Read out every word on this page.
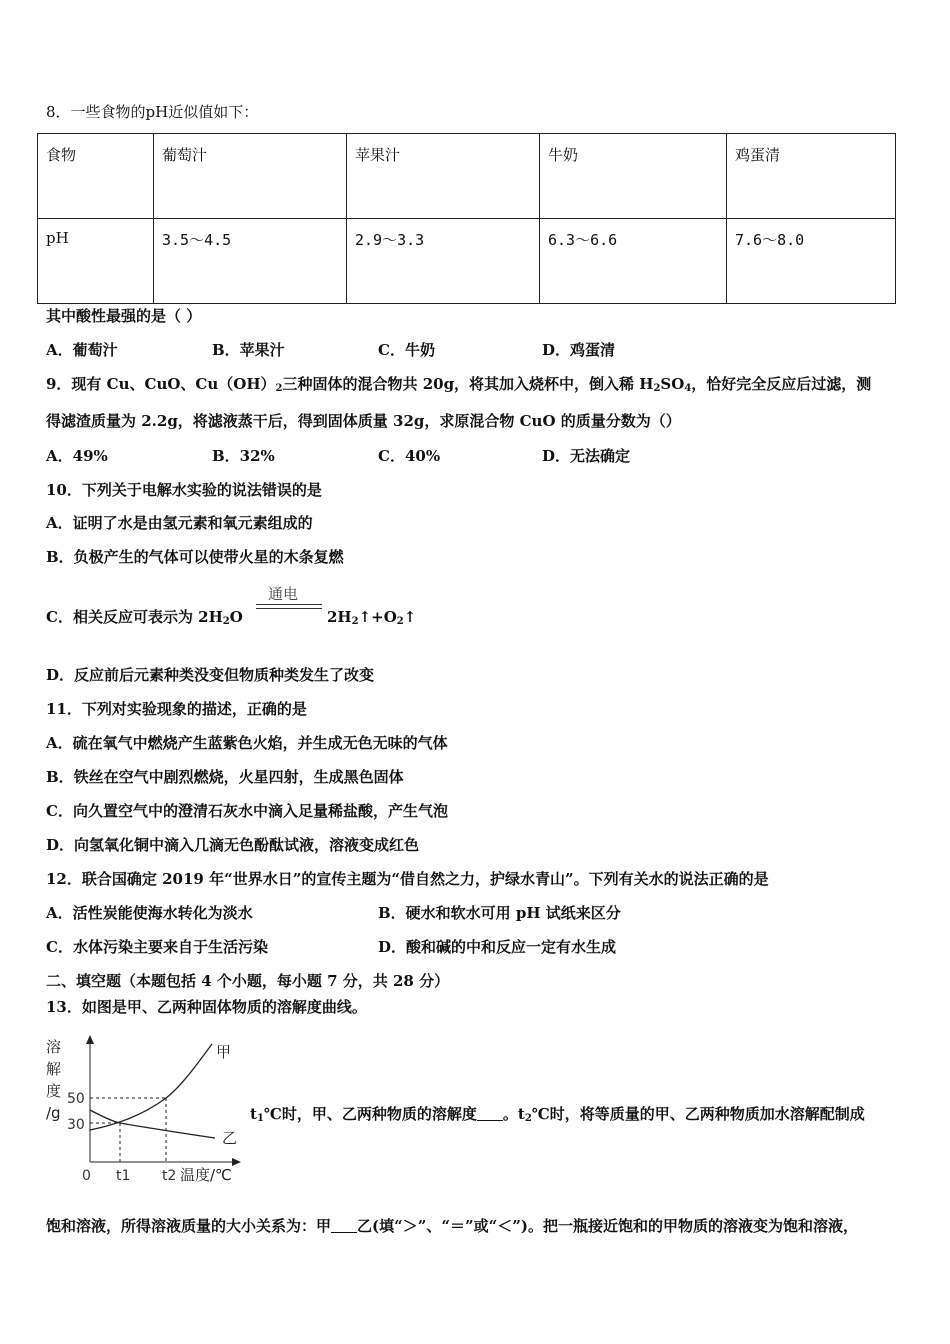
8．一些食物的pH近似值如下：
食物	葡萄汁	苹果汁	牛奶	鸡蛋清
pH	3.5～4.5	2.9～3.3	6.3～6.6	7.6～8.0
其中酸性最强的是（ ）
A．葡萄汁	B．苹果汁	C．牛奶	D．鸡蛋清
9．现有 Cu、CuO、$Cu(OH)_2$三种固体的混合物共 20g，将其加入烧杯中，倒入稀 $H_2SO_4$，恰好完全反应后过滤，测
得滤渣质量为 2.2g，将滤液蒸干后，得到固体质量 32g，求原混合物 CuO 的质量分数为（）
A．49%	B．32%	C．40%	D．无法确定
10．下列关于电解水实验的说法错误的是
A．证明了水是由氢元素和氧元素组成的
B．负极产生的气体可以使带火星的木条复燃
C．相关反应可表示为 $2H_2O$
通电
$2H_2↑+O_2↑$
D．反应前后元素种类没变但物质种类发生了改变
11．下列对实验现象的描述，正确的是
A．硫在氧气中燃烧产生蓝紫色火焰，并生成无色无味的气体
B．铁丝在空气中剧烈燃烧，火星四射，生成黑色固体
C．向久置空气中的澄清石灰水中滴入足量稀盐酸，产生气泡
D．向氢氧化铜中滴入几滴无色酚酞试液，溶液变成红色
12．联合国确定 2019 年“世界水日”的宣传主题为“借自然之力，护绿水青山”。下列有关水的说法正确的是
A．活性炭能使海水转化为淡水	B．硬水和软水可用 pH 试纸来区分
C．水体污染主要来自于生活污染	D．酸和碱的中和反应一定有水生成
二、填空题（本题包括 4 个小题，每小题 7 分，共 28 分）
13．如图是甲、乙两种固体物质的溶解度曲线。
溶
解
度
/g
50
30
甲
乙
0 t1 t2 温度/℃
$t_1℃$时，甲、乙两种物质的溶解度 。$t_2℃$时，将等质量的甲、乙两种物质加水溶解配制成
饱和溶液，所得溶液质量的大小关系为：甲 乙(填“＞”、“＝”或“＜”)。把一瓶接近饱和的甲物质的溶液变为饱和溶液，
